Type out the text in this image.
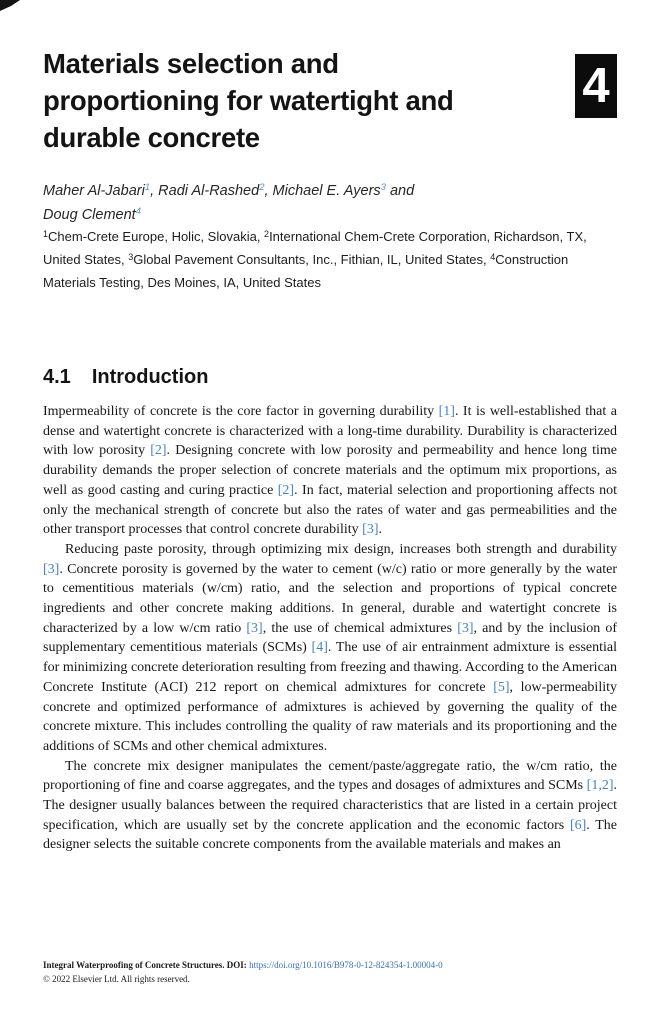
Materials selection and
proportioning for watertight and
durable concrete
4
Maher Al-Jabari$^1$, Radi Al-Rashed$^2$, Michael E. Ayers$^3$ and
Doug Clement$^4$
$^1$Chem-Crete Europe, Holic, Slovakia, $^2$International Chem-Crete Corporation, Richardson, TX, United States, $^3$Global Pavement Consultants, Inc., Fithian, IL, United States, $^4$Construction Materials Testing, Des Moines, IA, United States
4.1 Introduction

Impermeability of concrete is the core factor in governing durability [1]. It is well-established that a dense and watertight concrete is characterized with a long-time durability. Durability is characterized with low porosity [2]. Designing concrete with low porosity and permeability and hence long time durability demands the proper selection of concrete materials and the optimum mix proportions, as well as good casting and curing practice [2]. In fact, material selection and proportioning affects not only the mechanical strength of concrete but also the rates of water and gas permeabilities and the other transport processes that control concrete durability [3].

Reducing paste porosity, through optimizing mix design, increases both strength and durability [3]. Concrete porosity is governed by the water to cement (w/c) ratio or more generally by the water to cementitious materials (w/cm) ratio, and the selection and proportions of typical concrete ingredients and other concrete making additions. In general, durable and watertight concrete is characterized by a low w/cm ratio [3], the use of chemical admixtures [3], and by the inclusion of supplementary cementitious materials (SCMs) [4]. The use of air entrainment admixture is essential for minimizing concrete deterioration resulting from freezing and thawing. According to the American Concrete Institute (ACI) 212 report on chemical admixtures for concrete [5], low-permeability concrete and optimized performance of admixtures is achieved by governing the quality of the concrete mixture. This includes controlling the quality of raw materials and its proportioning and the additions of SCMs and other chemical admixtures.

The concrete mix designer manipulates the cement/paste/aggregate ratio, the w/cm ratio, the proportioning of fine and coarse aggregates, and the types and dosages of admixtures and SCMs [1,2]. The designer usually balances between the required characteristics that are listed in a certain project specification, which are usually set by the concrete application and the economic factors [6]. The designer selects the suitable concrete components from the available materials and makes an

Integral Waterproofing of Concrete Structures. DOI: https://doi.org/10.1016/B978-0-12-824354-1.00004-0
© 2022 Elsevier Ltd. All rights reserved.
